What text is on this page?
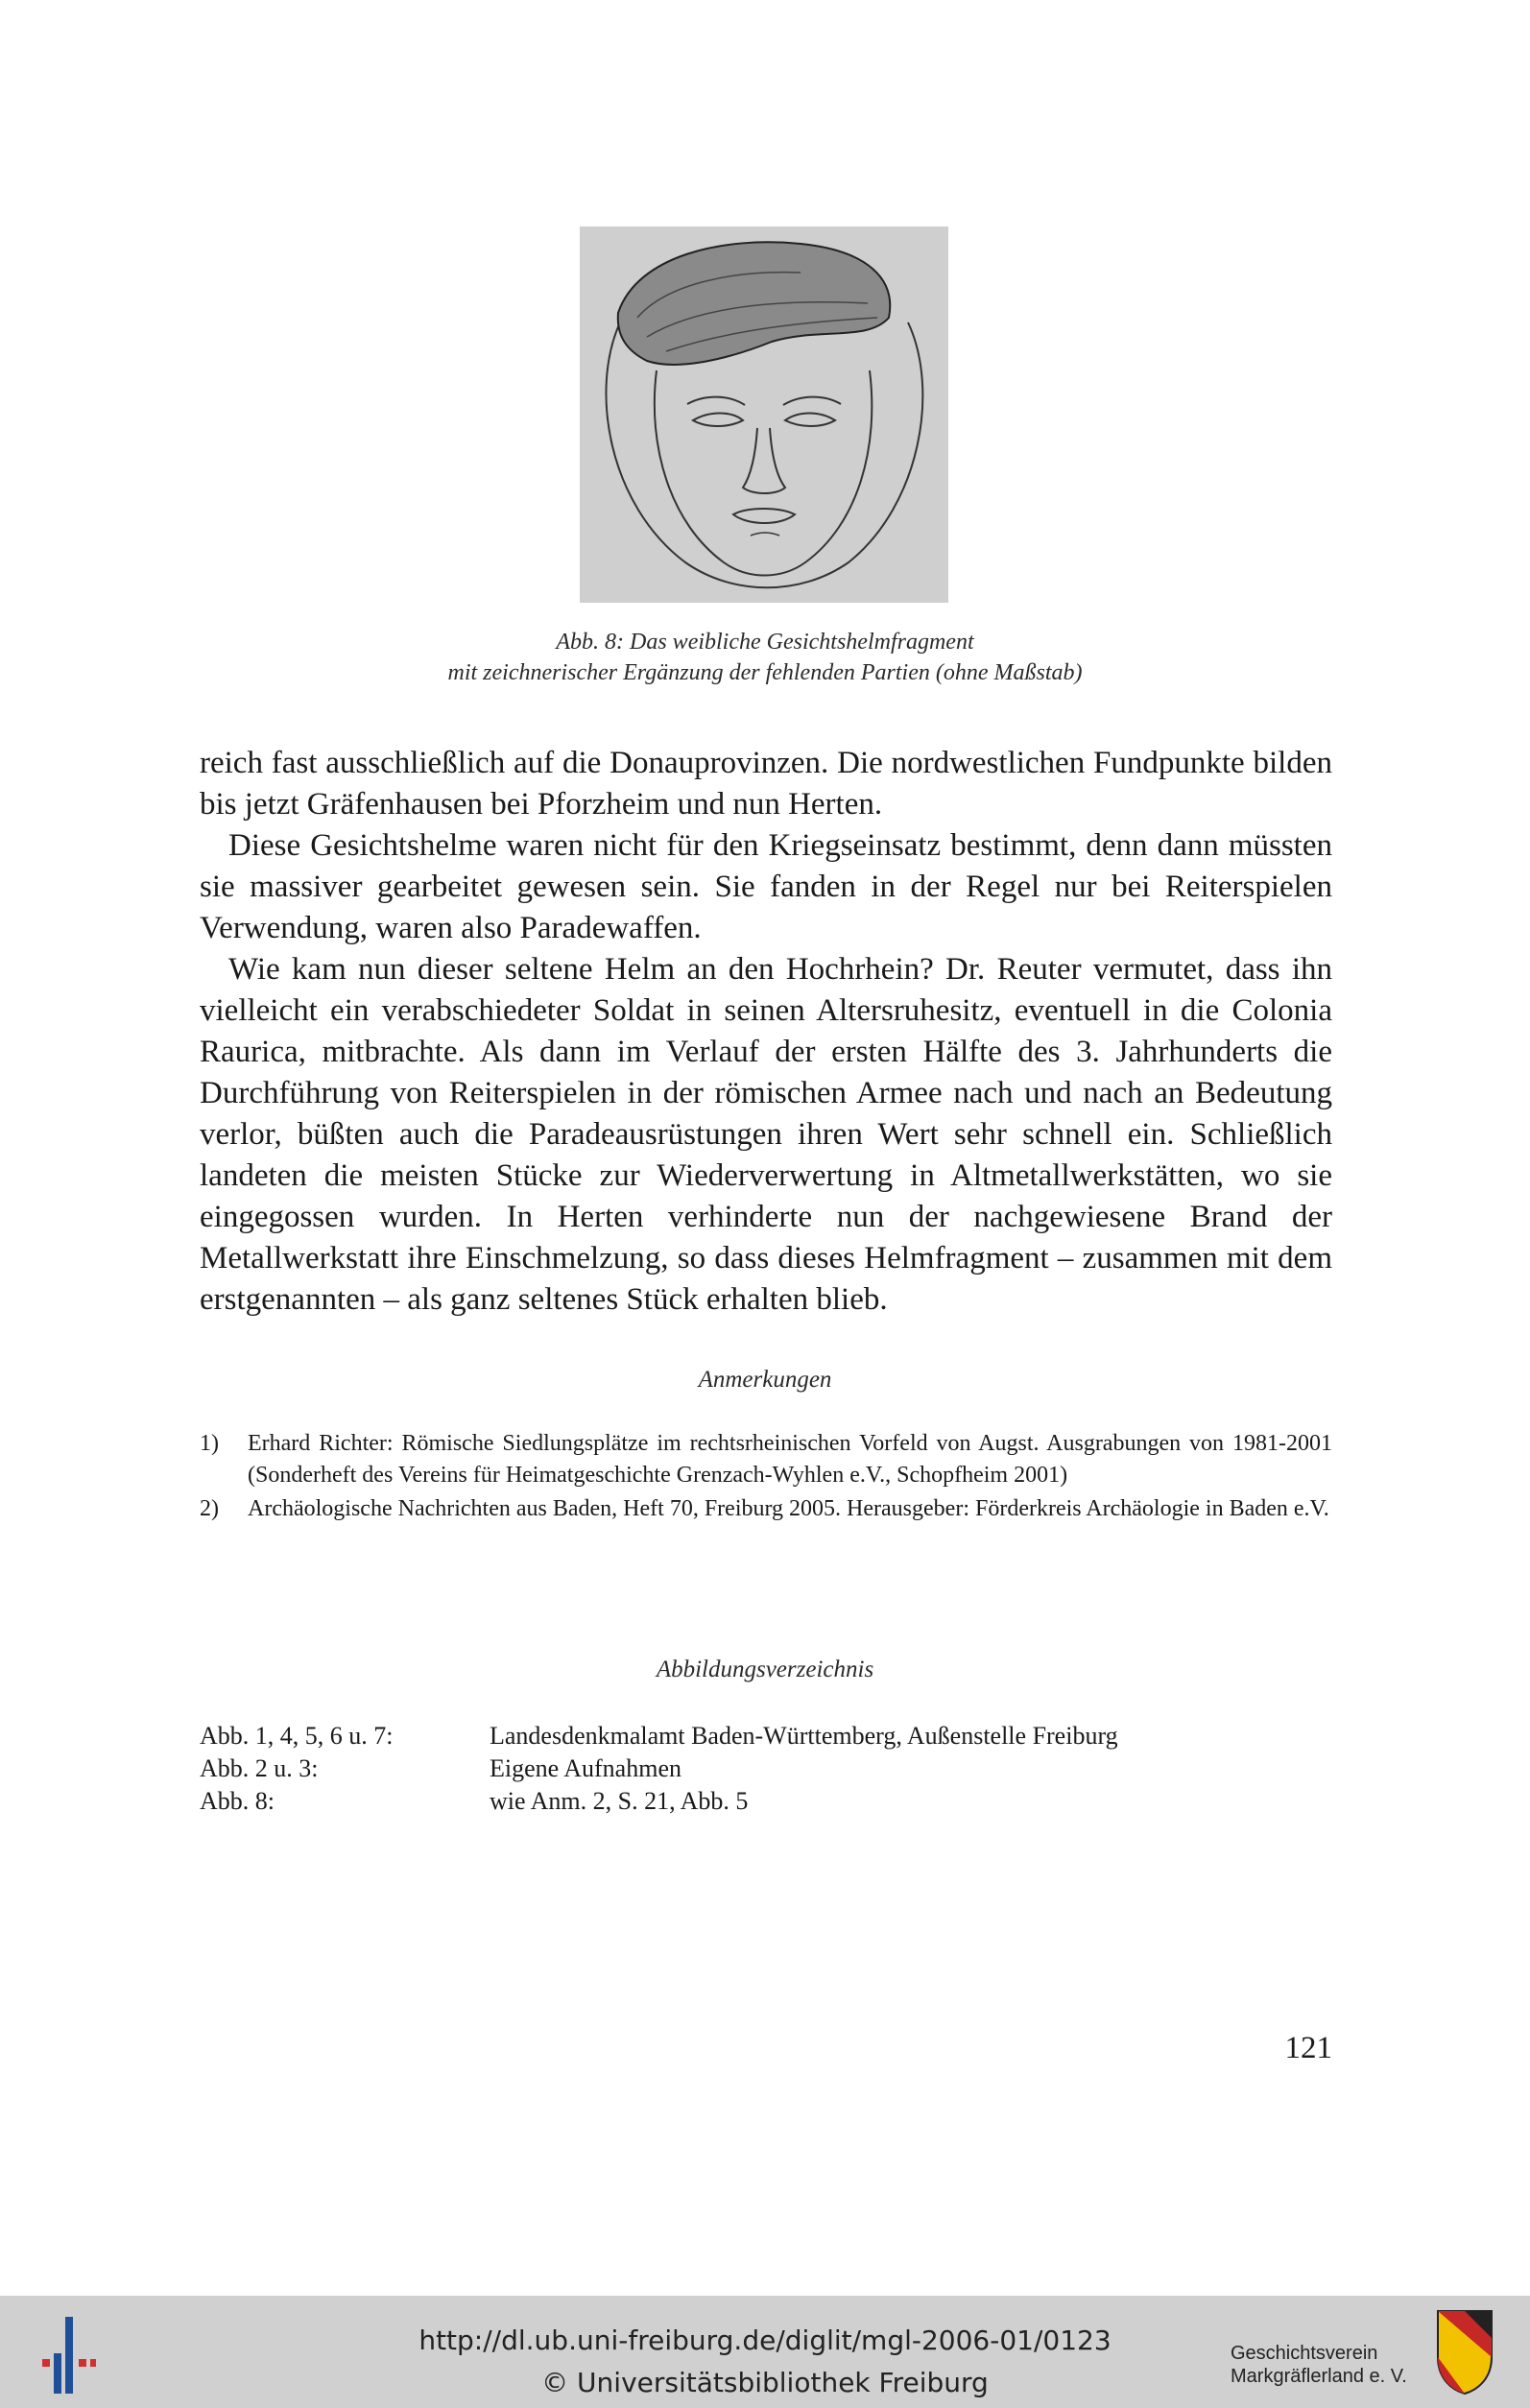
Abb. 8: Das weibliche Gesichtshelmfragment
mit zeichnerischer Ergänzung der fehlenden Partien (ohne Maßstab)

reich fast ausschließlich auf die Donauprovinzen. Die nordwestlichen Fundpunkte bilden bis jetzt Gräfenhausen bei Pforzheim und nun Herten.

Diese Gesichtshelme waren nicht für den Kriegseinsatz bestimmt, denn dann müssten sie massiver gearbeitet gewesen sein. Sie fanden in der Regel nur bei Reiterspielen Verwendung, waren also Paradewaffen.

Wie kam nun dieser seltene Helm an den Hochrhein? Dr. Reuter vermutet, dass ihn vielleicht ein verabschiedeter Soldat in seinen Altersruhesitz, eventuell in die Colonia Raurica, mitbrachte. Als dann im Verlauf der ersten Hälfte des 3. Jahrhunderts die Durchführung von Reiterspielen in der römischen Armee nach und nach an Bedeutung verlor, büßten auch die Paradeausrüstungen ihren Wert sehr schnell ein. Schließlich landeten die meisten Stücke zur Wiederverwertung in Altmetallwerkstätten, wo sie eingegossen wurden. In Herten verhinderte nun der nachgewiesene Brand der Metallwerkstatt ihre Einschmelzung, so dass dieses Helmfragment – zusammen mit dem erstgenannten – als ganz seltenes Stück erhalten blieb.

Anmerkungen
1)	Erhard Richter: Römische Siedlungsplätze im rechtsrheinischen Vorfeld von Augst. Ausgrabungen von 1981-2001 (Sonderheft des Vereins für Heimatgeschichte Grenzach-Wyhlen e.V., Schopfheim 2001)
2)	Archäologische Nachrichten aus Baden, Heft 70, Freiburg 2005. Herausgeber: Förderkreis Archäologie in Baden e.V.
Abbildungsverzeichnis
Abb. 1, 4, 5, 6 u. 7:	Landesdenkmalamt Baden-Württemberg, Außenstelle Freiburg
Abb. 2 u. 3:	Eigene Aufnahmen
Abb. 8:	wie Anm. 2, S. 21, Abb. 5
121
http://dl.ub.uni-freiburg.de/diglit/mgl-2006-01/0123
© Universitätsbibliothek Freiburg
Geschichtsverein
Markgräflerland e. V.
